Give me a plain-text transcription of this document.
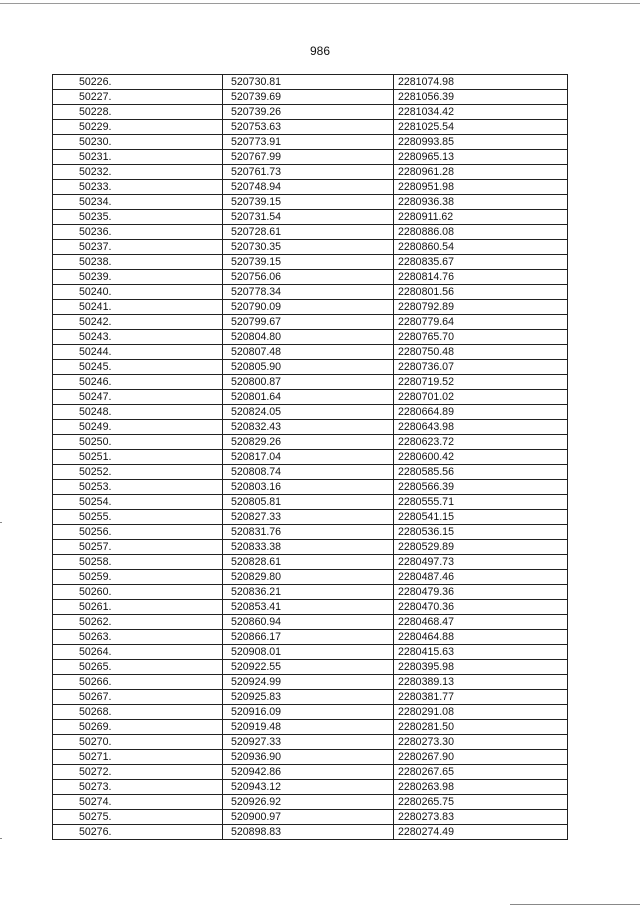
986
50226.	520730.81	2281074.98
50227.	520739.69	2281056.39
50228.	520739.26	2281034.42
50229.	520753.63	2281025.54
50230.	520773.91	2280993.85
50231.	520767.99	2280965.13
50232.	520761.73	2280961.28
50233.	520748.94	2280951.98
50234.	520739.15	2280936.38
50235.	520731.54	2280911.62
50236.	520728.61	2280886.08
50237.	520730.35	2280860.54
50238.	520739.15	2280835.67
50239.	520756.06	2280814.76
50240.	520778.34	2280801.56
50241.	520790.09	2280792.89
50242.	520799.67	2280779.64
50243.	520804.80	2280765.70
50244.	520807.48	2280750.48
50245.	520805.90	2280736.07
50246.	520800.87	2280719.52
50247.	520801.64	2280701.02
50248.	520824.05	2280664.89
50249.	520832.43	2280643.98
50250.	520829.26	2280623.72
50251.	520817.04	2280600.42
50252.	520808.74	2280585.56
50253.	520803.16	2280566.39
50254.	520805.81	2280555.71
50255.	520827.33	2280541.15
50256.	520831.76	2280536.15
50257.	520833.38	2280529.89
50258.	520828.61	2280497.73
50259.	520829.80	2280487.46
50260.	520836.21	2280479.36
50261.	520853.41	2280470.36
50262.	520860.94	2280468.47
50263.	520866.17	2280464.88
50264.	520908.01	2280415.63
50265.	520922.55	2280395.98
50266.	520924.99	2280389.13
50267.	520925.83	2280381.77
50268.	520916.09	2280291.08
50269.	520919.48	2280281.50
50270.	520927.33	2280273.30
50271.	520936.90	2280267.90
50272.	520942.86	2280267.65
50273.	520943.12	2280263.98
50274.	520926.92	2280265.75
50275.	520900.97	2280273.83
50276.	520898.83	2280274.49
